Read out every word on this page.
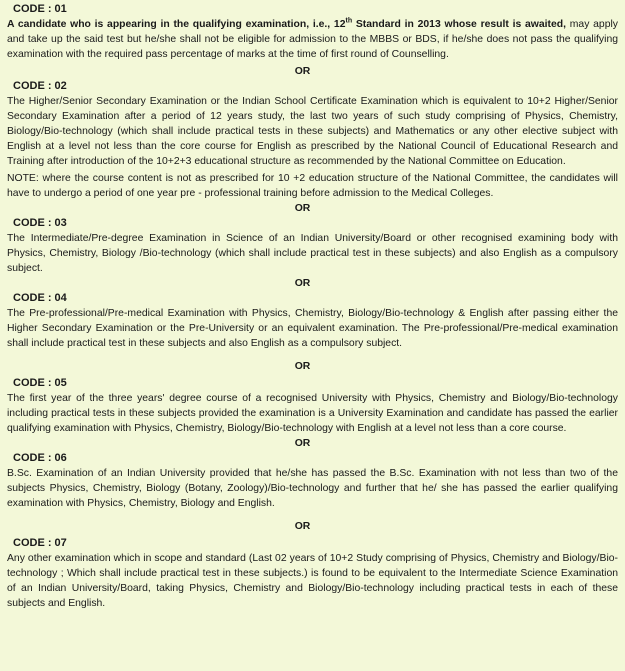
CODE : 01
A candidate who is appearing in the qualifying examination, i.e., 12th Standard in 2013 whose result is awaited, may apply and take up the said test but he/she shall not be eligible for admission to the MBBS or BDS, if he/she does not pass the qualifying examination with the required pass percentage of marks at the time of first round of Counselling.
OR
CODE : 02
The Higher/Senior Secondary Examination or the Indian School Certificate Examination which is equivalent to 10+2 Higher/Senior Secondary Examination after a period of 12 years study, the last two years of such study comprising of Physics, Chemistry, Biology/Bio-technology (which shall include practical tests in these subjects) and Mathematics or any other elective subject with English at a level not less than the core course for English as prescribed by the National Council of Educational Research and Training after introduction of the 10+2+3 educational structure as recommended by the National Committee on Education.
NOTE: where the course content is not as prescribed for 10 +2 education structure of the National Committee, the candidates will have to undergo a period of one year pre - professional training before admission to the Medical Colleges.
OR
CODE : 03
The Intermediate/Pre-degree Examination in Science of an Indian University/Board or other recognised examining body with Physics, Chemistry, Biology /Bio-technology (which shall include practical test in these subjects) and also English as a compulsory subject.
OR
CODE : 04
The Pre-professional/Pre-medical Examination with Physics, Chemistry, Biology/Bio-technology & English after passing either the Higher Secondary Examination or the Pre-University or an equivalent examination. The Pre-professional/Pre-medical examination shall include practical test in these subjects and also English as a compulsory subject.
OR
CODE : 05
The first year of the three years' degree course of a recognised University with Physics, Chemistry and Biology/Bio-technology including practical tests in these subjects provided the examination is a University Examination and candidate has passed the earlier qualifying examination with Physics, Chemistry, Biology/Bio-technology with English at a level not less than a core course.
OR
CODE : 06
B.Sc. Examination of an Indian University provided that he/she has passed the B.Sc. Examination with not less than two of the subjects Physics, Chemistry, Biology (Botany, Zoology)/Bio-technology and further that he/ she has passed the earlier qualifying examination with Physics, Chemistry, Biology and English.
OR
CODE : 07
Any other examination which in scope and standard (Last 02 years of 10+2 Study comprising of Physics, Chemistry and Biology/Bio-technology ; Which shall include practical test in these subjects.) is found to be equivalent to the Intermediate Science Examination of an Indian University/Board, taking Physics, Chemistry and Biology/Bio-technology including practical tests in each of these subjects and English.
